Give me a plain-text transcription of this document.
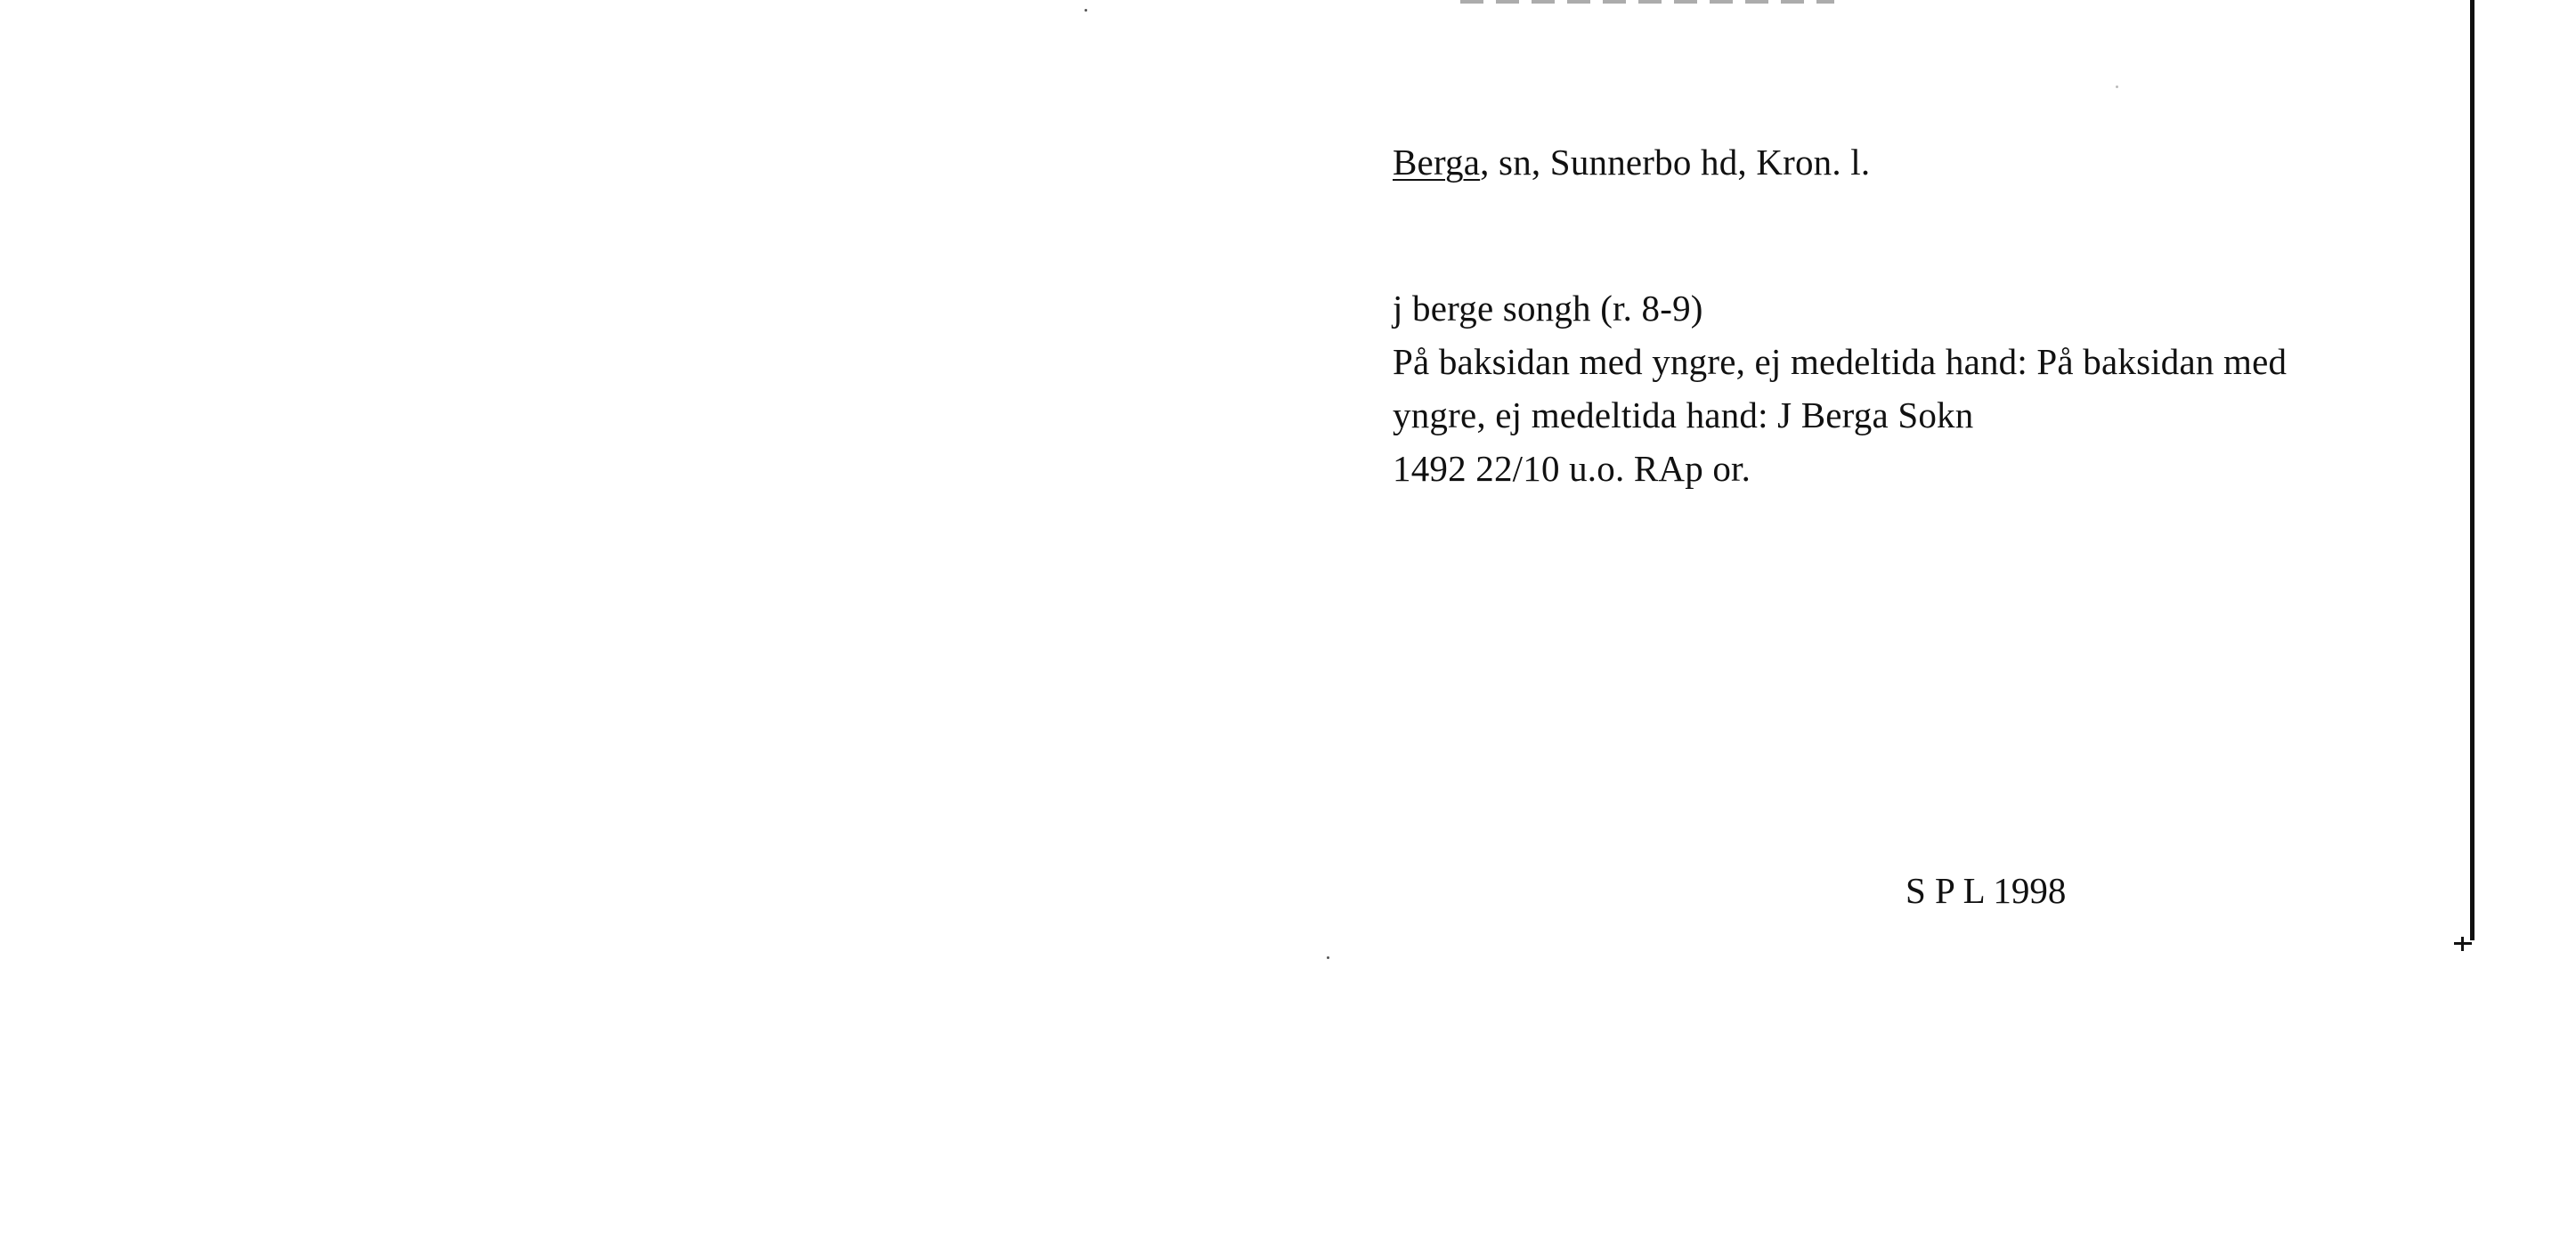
Berga, sn, Sunnerbo hd, Kron. l.
j berge songh (r. 8-9)
På baksidan med yngre, ej medeltida hand: På baksidan med
yngre, ej medeltida hand: J Berga Sokn
1492 22/10 u.o. RAp or.
S P L 1998
